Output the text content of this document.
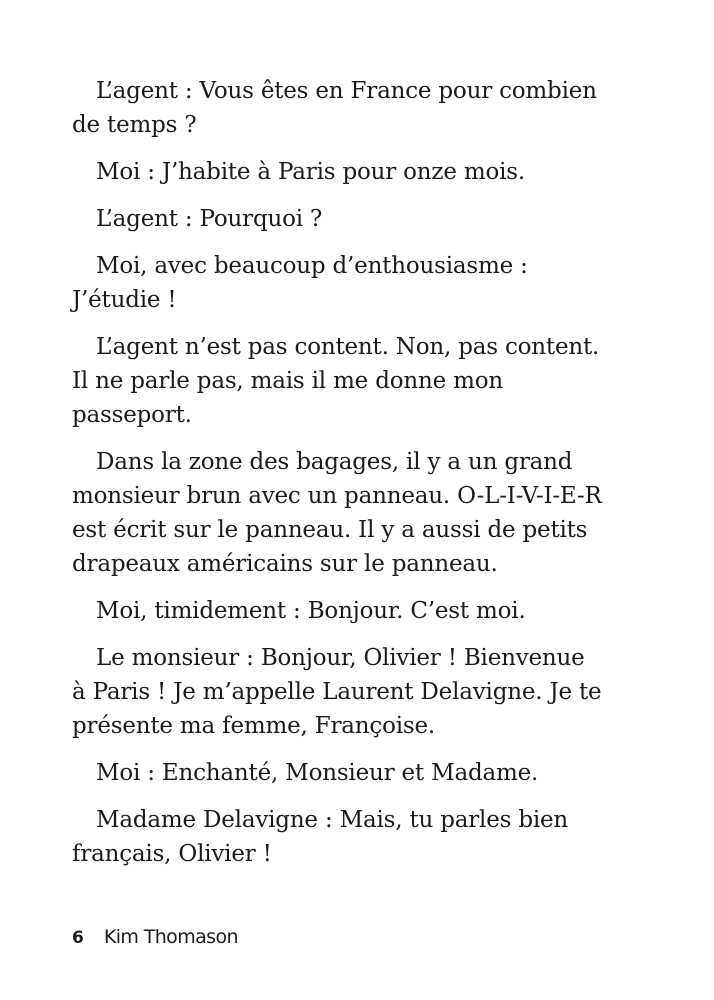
L’agent : Vous êtes en France pour combien
de temps ?

Moi : J’habite à Paris pour onze mois.

L’agent : Pourquoi ?

Moi, avec beaucoup d’enthousiasme :
J’étudie !

L’agent n’est pas content. Non, pas content.
Il ne parle pas, mais il me donne mon
passeport.

Dans la zone des bagages, il y a un grand
monsieur brun avec un panneau. O-L-I-V-I-E-R
est écrit sur le panneau. Il y a aussi de petits
drapeaux américains sur le panneau.

Moi, timidement : Bonjour. C’est moi.

Le monsieur : Bonjour, Olivier ! Bienvenue
à Paris ! Je m’appelle Laurent Delavigne. Je te
présente ma femme, Françoise.

Moi : Enchanté, Monsieur et Madame.

Madame Delavigne : Mais, tu parles bien
français, Olivier !

6 Kim Thomason
